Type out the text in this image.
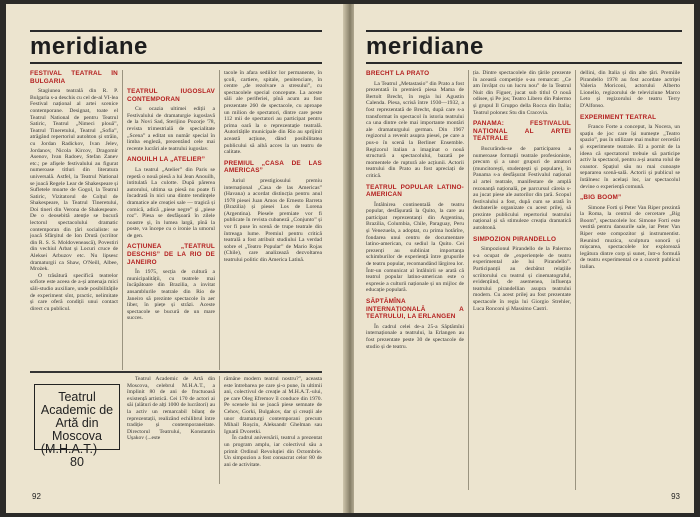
meridiane
FESTIVAL TEATRAL ÎN BULGARIA

Stagiunea teatrală din R. P. Bulgaria s-a deschis cu cel de-al VI-lea Festival național al artei scenice contemporane. Designat, toate el Teatrul National de pentru Teatrul Satiric, Teatrul „Nimeci plouă”, Teatrul Tineretului, Teatrul „Sofia”, atrăgând repertoriul autohton și străin, cu Jordan Radickov, Ivan Jelev, Jordanov, Nicola Kircov, Dragomir Asenov, Ivan Radoev, Stefan Zanev etc.; pe afișele festivalului au figurat numeroase titluri din literatura universală. Astfel, la Teatrul National se joacă Regele Lear de Shakespeare și Sufletele moarte de Gogol, la Teatrul Satiric, Vizitatorul de Colțul de Shakespeare, la Teatrul Tineretului, Doi tineri din Verona de Shakespeare. De o deosebită atenție se bucură lectorul spectacolului dramatic contemporan din țări socialiste: se joacă Sfârșitul de Ion Drută (scriitor din R. S. S. Moldovenească), Povestiri din vechiul Arbat și Locuri cruce de Aleksei Arbuzov etc. Nu lipsesc dramaturgii ca Shaw, O'Neill, Albee, Mrożek.

O trăsătură specifică teatrelor sofiote este aceea de a-și amenaja mici săli-studio auxiliare, unde posibilitățile de experiment sînt, practic, nelimitate și care oferă condiții unui contact direct cu publicul.

TEATRUL IUGOSLAV CONTEMPORAN

Cu ocazia ultimei ediții a Festivalului de dramaturgie iugoslavă de la Novi Sad, Sterijino Pozorje '78, revista trimestrială de specialitate „Scena” a editat un număr special în limba engleză, prezentând cele mai recente lucrări ale teatrului iugoslav.

ANOUILH LA „ATELIER”

La teatrul „Atelier” din Paris se repetă o nouă piesă a lui Jean Anouilh, intitulată La culotte. După părerea autorului, ultima sa piesă nu poate fi încadrată în nici una dintre tendințele dramatice ale creației sale — tragică și comică, adică „piese negre” și „piese roz”. Piesa se desfășoară în zilele noastre și, în lumea largă, pînă la poste, va începe cu o ironie la umorul de gen.

ACȚIUNEA „TEATRUL DESCHIS” DE LA RIO DE JANEIRO

În 1975, secția de cultură a municipalității, cu teatrele mai încăpătoare din Brazilia, a invitat ansamblurile teatrale din Rio de Janeiro să prezinte spectacole în aer liber, în piețe și străzi. Aceste spectacole se bucură de un mare succes.

tacole în afara sediilor lor permanente, în școli, cartiere, spitale, penitenciare, în centre „de rezolvare a stresului”, cu spectacolele special concepute. La aceste săli ale periferiei, pînă acum au fost prezentate 260 de spectacole, cu aproape un milion de spectatori, dintre care peste 112 mii de spectatori au participat pentru prima oară la o reprezentație teatrală. Autoritățile municipale din Rio au sprijinit această acțiune, dând posibilitatea publicului să aibă acces la un teatru de calitate.

PREMIUL „CASA DE LAS AMERICAS”

Juriul prestigiosului premiu internațional „Casa de las Americas” (Havana) a acordat distincția pentru anul 1978 piesei Juan Amos de Ernesto Barreta (Brazilia) și piesei Los de Lorena (Argentina). Piesele premiate vor fi publicate în revista cubaneză „Conjunto” și vor fi puse în scenă de trupe teatrale din întreaga lume. Premiul pentru critică teatrală a fost atribuit studiului La verdad sobre el „Teatro Popular” de Mario Rojas (Chile), care analizează dezvoltarea teatrului politic din America Latină.

Teatrul Academic de Artă din Moscova (M.H.A.T.) — 80

Teatrul Academic de Artă din Moscova, celebrul M.H.A.T., a împlinit 80 de ani de fructuoasă existență artistică. Cei 170 de actori ai săi (alături de alți 1000 de lucrători) au la activ un remarcabil bilanț de reprezentații, realizând echilibrul între tradiție și contemporaneitate. Directorul Teatrului, Konstantin Ușakov (...este

rămâne modern teatrul nostru?”, aceasta este întrebarea pe care și-o pune, în ultimii ani, colectivul de creație al M.H.A.T.-ului, pe care Oleg Efremov îl conduce din 1970. Pe scenele lui se joacă piese semnate de Cehov, Gorki, Bulgakov, dar și creații ale unor dramaturgi contemporani precum Mihail Roșcin, Aleksandr Ghelman sau Ignatii Dvoretki.

În cadrul aniversării, teatrul a prezentat un program amplu, iar colectivul său a primit Ordinul Revoluției din Octombrie. Un simpozion a fost consacrat celor 80 de ani de activitate.

92
meridiane
BRECHT LA PRATO

La Teatrul „Metastasio” din Prato a fost prezentată în premieră piesa Mama de Bertolt Brecht, în regia lui Agustin Calenda. Piesa, scrisă între 1930—1932, a fost reprezentată de Brecht, după care s-a transformat în spectacol în istoria teatrului ca una dintre cele mai importante montări ale dramaturgului german. Din 1967 regizorul a revenit asupra piesei, pe care a pus-o în scenă la Berliner Ensemble. Regizorul italian a imaginat o nouă structură a spectacolului, bazată pe momentele de ruptură ale acțiunii. Actorii teatrului din Prato au fost apreciați de critică.

TEATRUL POPULAR LATINO-AMERICAN

Întâlnirea continentală de teatru popular, desfășurată la Quito, la care au participat reprezentanți din Argentina, Brazilia, Columbia, Chile, Paraguay, Peru și Venezuela, a adoptat, cu prima hotărîre, fondarea unui centru de documentare latino-american, cu sediul la Quito. Cei prezenți au subliniat importanța schimburilor de experiență între grupurile de teatru popular, recomandând lărgirea lor. Într-un comunicat al întâlnirii se arată că teatrul popular latino-american este o expresie a culturii naționale și un mijloc de educație populară.

SĂPTĂMÎNA INTERNAȚIONALĂ A TEATRULUI, LA ERLANGEN

În cadrul celei de-a 25-a Săptămîni internaționale a teatrului, la Erlangen au fost prezentate peste 30 de spectacole de studio și de teatru.

ția. Dintre spectacolele din țările prezente în această competiție s-au remarcat: „Ce am învățat cu un lucru nou” de la Teatrul Nuit din Figuer, jucat sub titlul O nouă odisee, și Pe jos; Teatro Libero din Palermo și grupul Il Gruppo della Rocca din Italia; Teatrul polonez Stu din Cracovia.

PANAMA: FESTIVALUL NAȚIONAL AL ARTEI TEATRALE

Bucurându-se de participarea a numeroase formații teatrale profesioniste, precum și a unor grupuri de amatori (muncitorești, studențești și populare), în Panama s-a desfășurat Festivalul național al artei teatrale, manifestare de amplă rezonanță națională, pe parcursul căreia s-au jucat piese ale autorilor din țară. Scopul festivalului a fost, după cum se arată în dezbaterile organizate cu acest prilej, să prezinte publicului repertoriul teatrului național și să stimuleze creația dramatică autohtonă.

SIMPOZION PIRANDELLO

Simpozionul Pirandello de la Palermo s-a ocupat de „experiențele de teatru experimental ale lui Pirandello”. Participanții au dezbătut relațiile scriitorului cu teatrul și cinematograful, evidențiind, de asemenea, influența teatrului pirandellian asupra teatrului modern. Cu acest prilej au fost prezentate spectacole în regia lui Giorgio Strehler, Luca Ronconi și Massimo Castri.

dellini, din Italia și din alte țări. Premiile Pirandello 1978 au fost acordate actriței Valeria Moriconi, actorului Alberto Lionello, regizorului de televiziune Marco Leto și regizorului de teatru Terry D'Alfonso.

EXPERIMENT TEATRAL

Franco Forte a conceput, la Nocera, un spațiu de joc care își numește „Teatro spazio”, pus în utilizare mai multor cercetări și experimente teatrale. El a pornit de la ideea că spectatorul trebuie să participe activ la spectacol, pentru a-și asuma rolul de coautor. Spațiul său nu mai cunoaște separarea scenă-sală. Actorii și publicul se întâlnesc în același loc, iar spectacolul devine o experiență comună.

„BIG BOOM”

Simone Forti și Peter Van Riper prezintă la Roma, la centrul de cercetare „Big Boom”, spectacolele lor. Simone Forti este vestită pentru dansurile sale, iar Peter Van Riper este compozitor și instrumentist. Reunind muzica, sculptura sonoră și mișcarea, spectacolele lor explorează legătura dintre corp și sunet, într-o formulă de teatru experimental ce a cucerit publicul italian.

93
